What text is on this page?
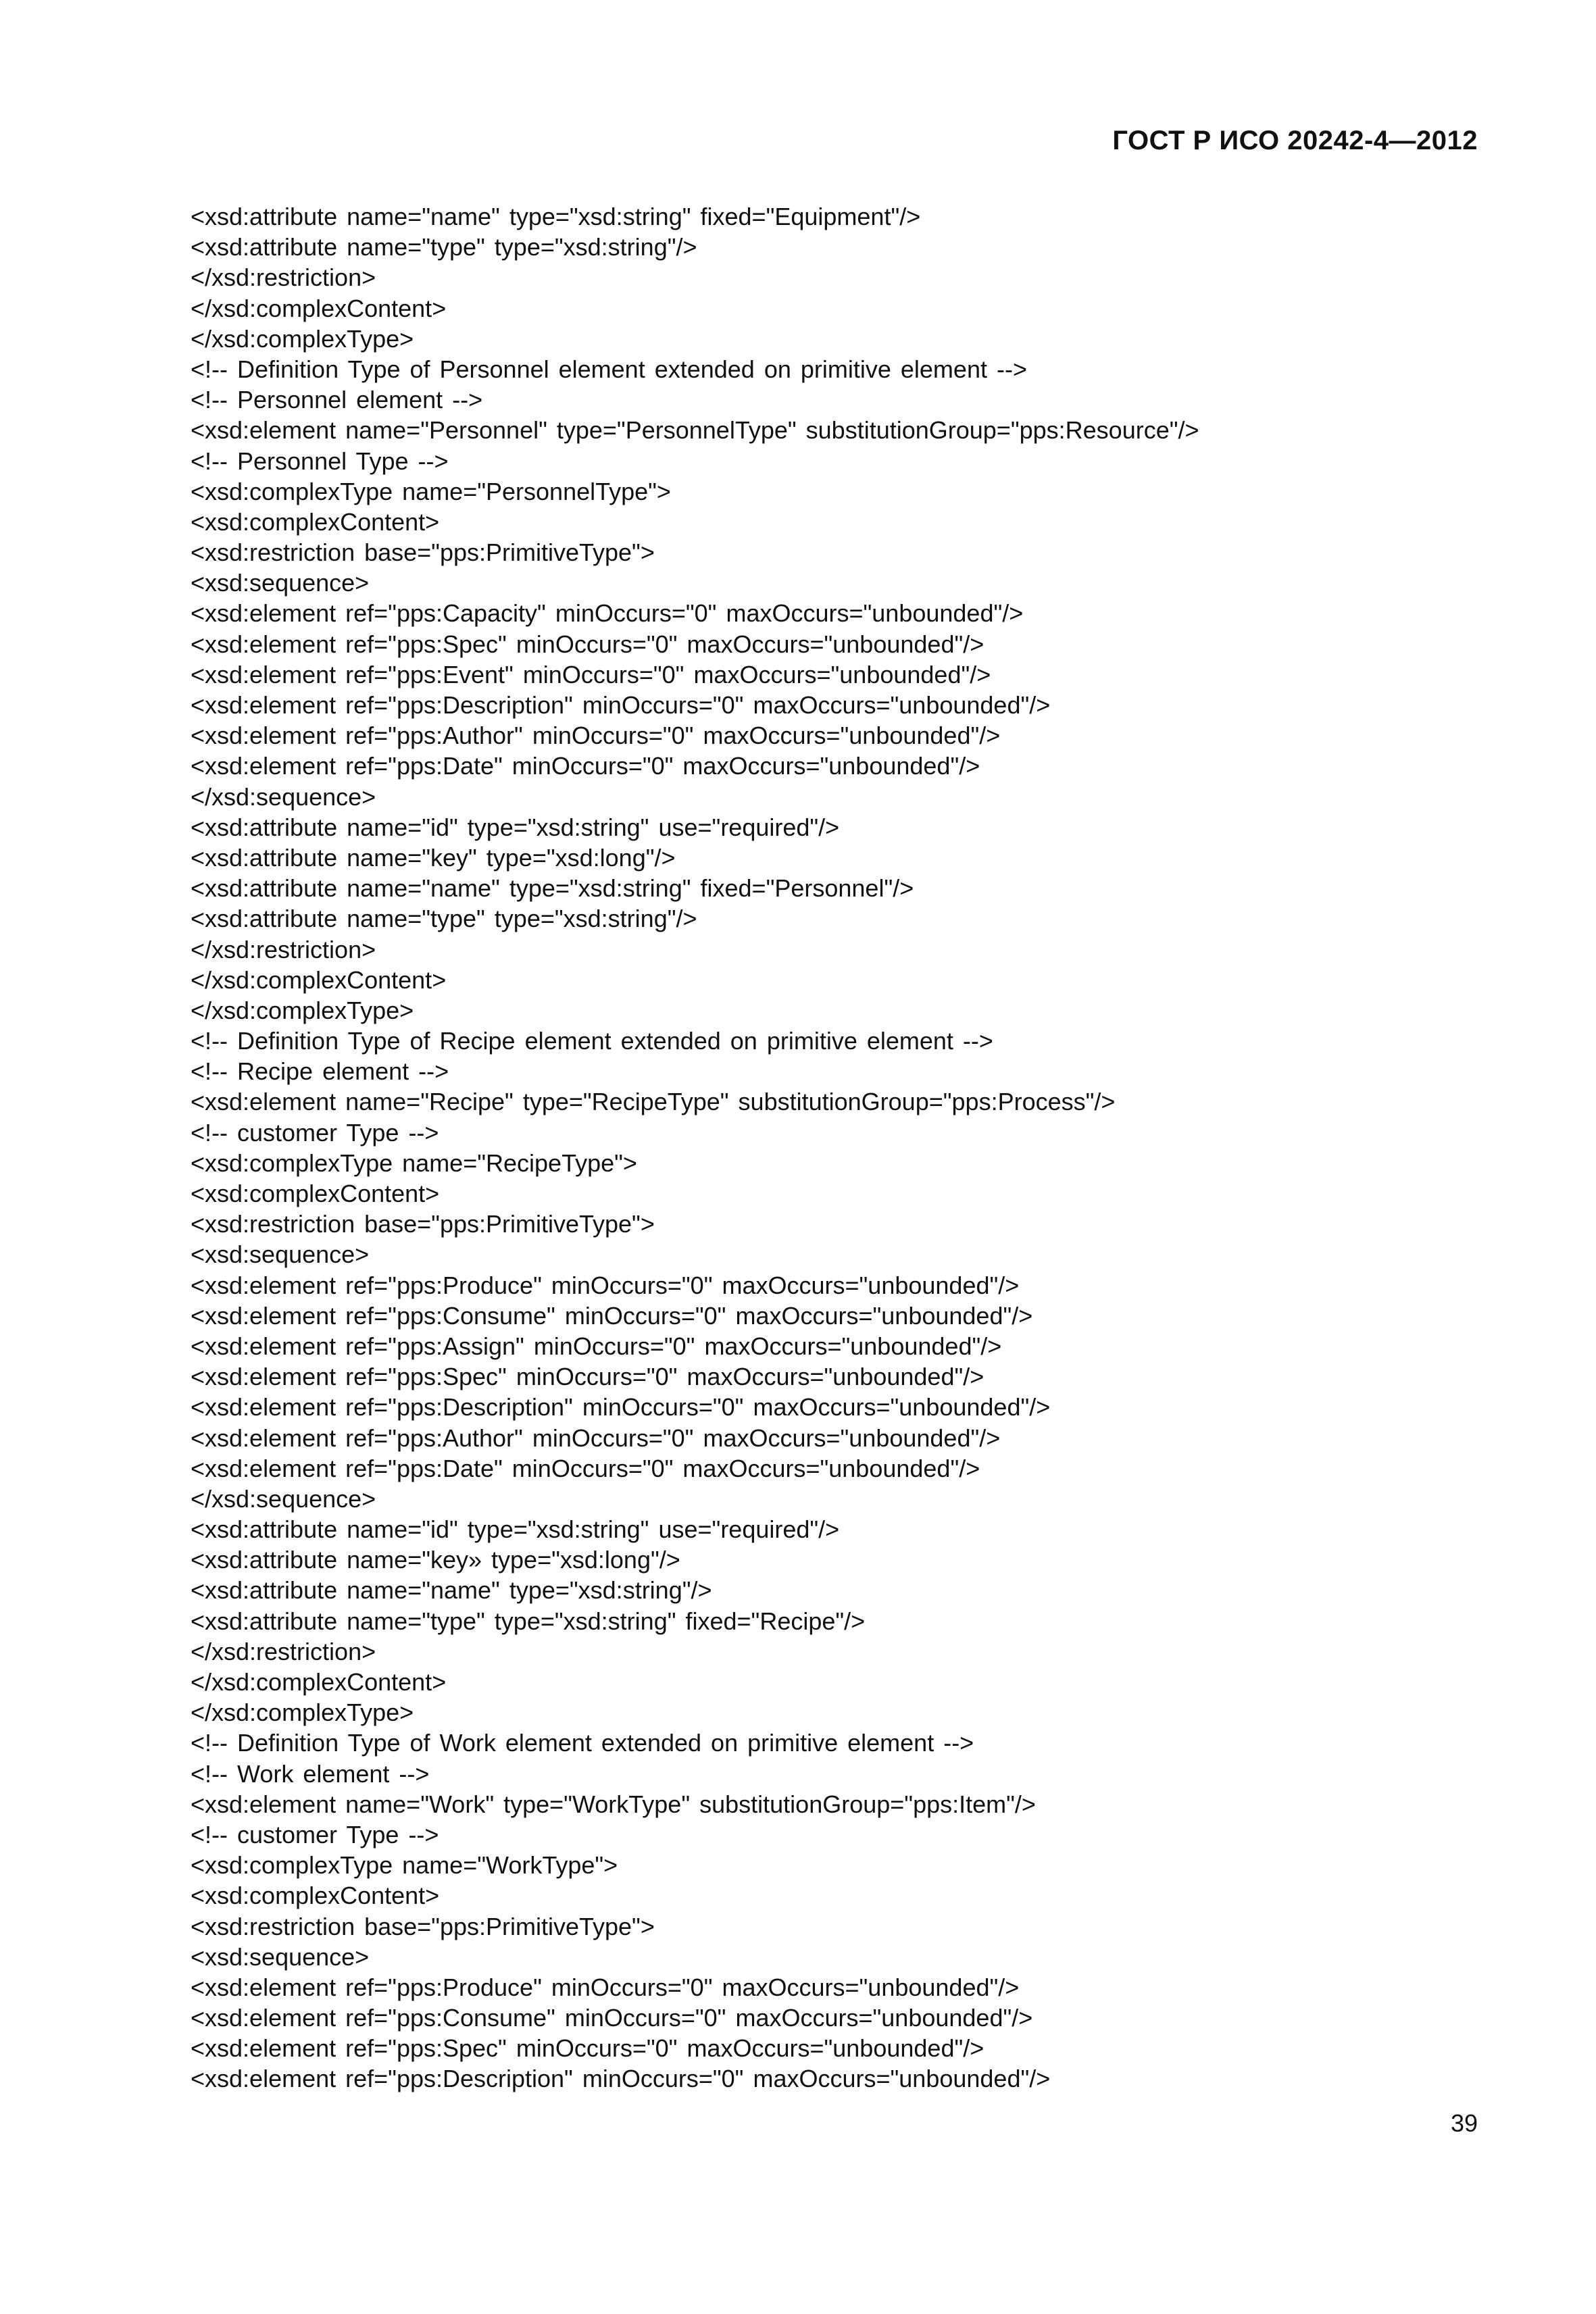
ГОСТ Р ИСО 20242-4—2012
<xsd:attribute name="name" type="xsd:string" fixed="Equipment"/>
<xsd:attribute name="type" type="xsd:string"/>
</xsd:restriction>
</xsd:complexContent>
</xsd:complexType>
<!-- Definition Type of Personnel element extended on primitive element -->
<!-- Personnel element -->
<xsd:element name="Personnel" type="PersonnelType" substitutionGroup="pps:Resource"/>
<!-- Personnel Type -->
<xsd:complexType name="PersonnelType">
<xsd:complexContent>
<xsd:restriction base="pps:PrimitiveType">
<xsd:sequence>
<xsd:element ref="pps:Capacity" minOccurs="0" maxOccurs="unbounded"/>
<xsd:element ref="pps:Spec" minOccurs="0" maxOccurs="unbounded"/>
<xsd:element ref="pps:Event" minOccurs="0" maxOccurs="unbounded"/>
<xsd:element ref="pps:Description" minOccurs="0" maxOccurs="unbounded"/>
<xsd:element ref="pps:Author" minOccurs="0" maxOccurs="unbounded"/>
<xsd:element ref="pps:Date" minOccurs="0" maxOccurs="unbounded"/>
</xsd:sequence>
<xsd:attribute name="id" type="xsd:string" use="required"/>
<xsd:attribute name="key" type="xsd:long"/>
<xsd:attribute name="name" type="xsd:string" fixed="Personnel"/>
<xsd:attribute name="type" type="xsd:string"/>
</xsd:restriction>
</xsd:complexContent>
</xsd:complexType>
<!-- Definition Type of Recipe element extended on primitive element -->
<!-- Recipe element -->
<xsd:element name="Recipe" type="RecipeType" substitutionGroup="pps:Process"/>
<!-- customer Type -->
<xsd:complexType name="RecipeType">
<xsd:complexContent>
<xsd:restriction base="pps:PrimitiveType">
<xsd:sequence>
<xsd:element ref="pps:Produce" minOccurs="0" maxOccurs="unbounded"/>
<xsd:element ref="pps:Consume" minOccurs="0" maxOccurs="unbounded"/>
<xsd:element ref="pps:Assign" minOccurs="0" maxOccurs="unbounded"/>
<xsd:element ref="pps:Spec" minOccurs="0" maxOccurs="unbounded"/>
<xsd:element ref="pps:Description" minOccurs="0" maxOccurs="unbounded"/>
<xsd:element ref="pps:Author" minOccurs="0" maxOccurs="unbounded"/>
<xsd:element ref="pps:Date" minOccurs="0" maxOccurs="unbounded"/>
</xsd:sequence>
<xsd:attribute name="id" type="xsd:string" use="required"/>
<xsd:attribute name="key» type="xsd:long"/>
<xsd:attribute name="name" type="xsd:string"/>
<xsd:attribute name="type" type="xsd:string" fixed="Recipe"/>
</xsd:restriction>
</xsd:complexContent>
</xsd:complexType>
<!-- Definition Type of Work element extended on primitive element -->
<!-- Work element -->
<xsd:element name="Work" type="WorkType" substitutionGroup="pps:Item"/>
<!-- customer Type -->
<xsd:complexType name="WorkType">
<xsd:complexContent>
<xsd:restriction base="pps:PrimitiveType">
<xsd:sequence>
<xsd:element ref="pps:Produce" minOccurs="0" maxOccurs="unbounded"/>
<xsd:element ref="pps:Consume" minOccurs="0" maxOccurs="unbounded"/>
<xsd:element ref="pps:Spec" minOccurs="0" maxOccurs="unbounded"/>
<xsd:element ref="pps:Description" minOccurs="0" maxOccurs="unbounded"/>
39
